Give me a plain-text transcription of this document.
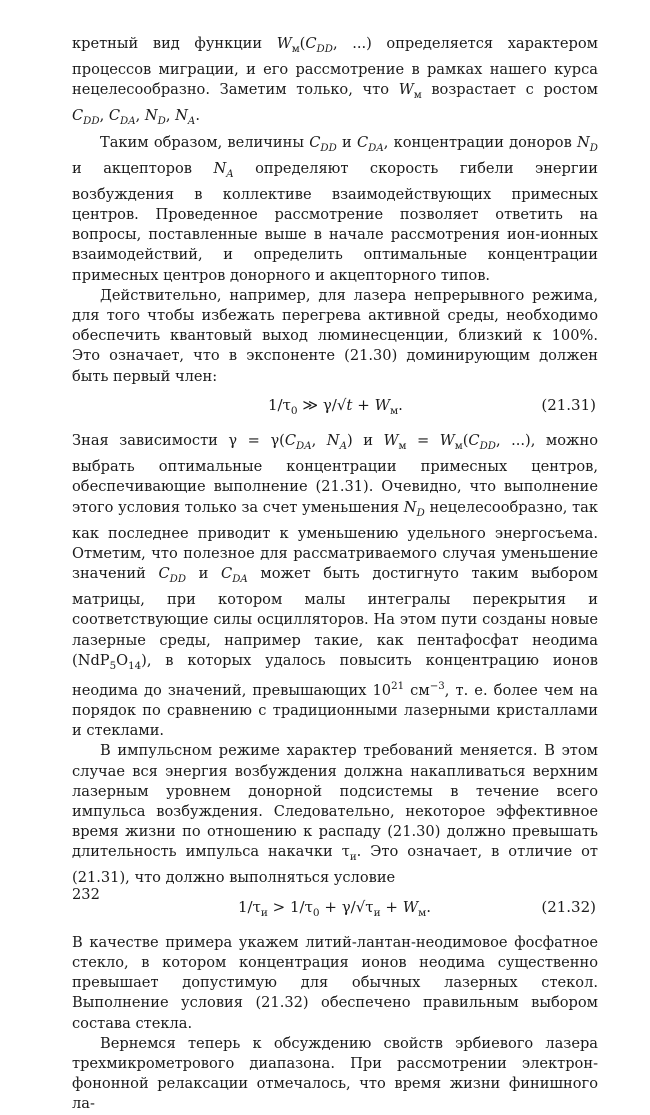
кретный вид функции $W_м(C_{DD}$, ...) определяется характером процессов миграции, и его рассмотрение в рамках нашего курса нецелесообразно. Заметим только, что $W_м$ возрастает с ростом $C_{DD}$, $C_{DA}$, $N_D$, $N_A$.

Таким образом, величины $C_{DD}$ и $C_{DA}$, концентрации доноров $N_D$ и акцепторов $N_A$ определяют скорость гибели энергии возбуждения в коллективе взаимодействующих примесных центров. Проведенное рассмотрение позволяет ответить на вопросы, поставленные выше в начале рассмотрения ион-ионных взаимодействий, и определить оптимальные концентрации примесных центров донорного и акцепторного типов.

Действительно, например, для лазера непрерывного режима, для того чтобы избежать перегрева активной среды, необходимо обеспечить квантовый выход люминесценции, близкий к 100%. Это означает, что в экспоненте (21.30) доминирующим должен быть первый член:

$1/\tau_0$ ≫ $\gamma/√t + W_м$.	(21.31)

Зная зависимости $\gamma = \gamma(C_{DA}$, $N_A$) и $W_м = W_м(C_{DD}$, ...), можно выбрать оптимальные концентрации примесных центров, обеспечивающие выполнение (21.31). Очевидно, что выполнение этого условия только за счет уменьшения $N_D$ нецелесообразно, так как последнее приводит к уменьшению удельного энергосъема. Отметим, что полезное для рассматриваемого случая уменьшение значений $C_{DD}$ и $C_{DA}$ может быть достигнуто таким выбором матрицы, при котором малы интегралы перекрытия и соответствующие силы осцилляторов. На этом пути созданы новые лазерные среды, например такие, как пентафосфат неодима $(NdP_5O_{14})$, в которых удалось повысить концентрацию ионов неодима до значений, превышающих $10^{21}$ $см^{-3}$, т. е. более чем на порядок по сравнению с традиционными лазерными кристаллами и стеклами.

В импульсном режиме характер требований меняется. В этом случае вся энергия возбуждения должна накапливаться верхним лазерным уровнем донорной подсистемы в течение всего импульса возбуждения. Следовательно, некоторое эффективное время жизни по отношению к распаду (21.30) должно превышать длительность импульса накачки $\tau_и$. Это означает, в отличие от (21.31), что должно выполняться условие

$1/\tau_и > 1/\tau_0 + \gamma/√\tau_и + W_м$.	(21.32)

В качестве примера укажем литий-лантан-неодимовое фосфатное стекло, в котором концентрация ионов неодима существенно превышает допустимую для обычных лазерных стекол. Выполнение условия (21.32) обеспечено правильным выбором состава стекла.

Вернемся теперь к обсуждению свойств эрбиевого лазера трехмикрометрового диапазона. При рассмотрении электрон-фононной релаксации отмечалось, что время жизни финишного ла-

232
